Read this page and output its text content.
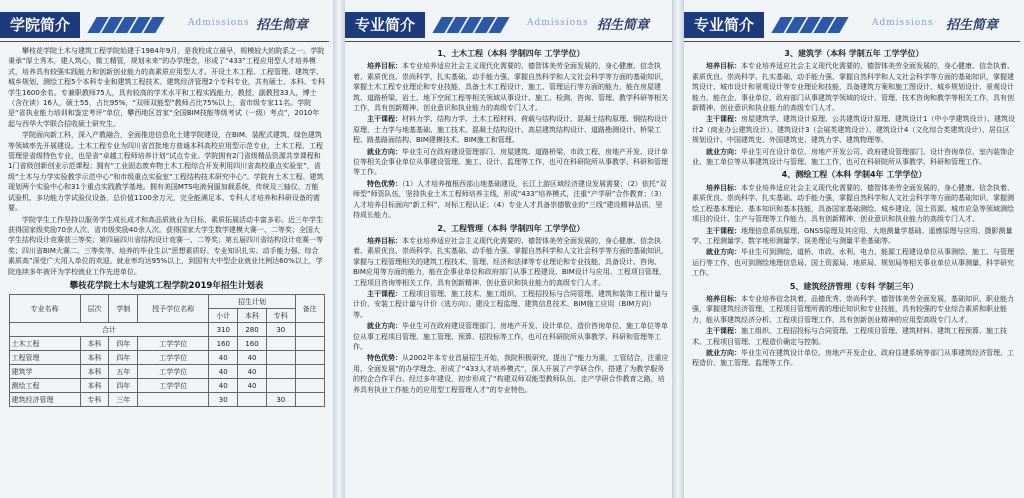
学院简介	Admissions 招生简章

攀枝花学院土木与建筑工程学院始建于1984年9月，是我校成立最早，规模较大的院系之一。学院秉承“厚土秀木，建人筑心，微工精管，规划未来”的办学理念，形成了“433”工程应用型人才培养模式，培养具有较强实践能力和创新创业能力的高素质应用型人才。开设土木工程、工程管理、建筑学、城乡规划、测绘工程5个本科专业和建筑工程技术、建筑经济管理2个专科专业，共有硕士、本科、专科学生1600余名。专兼职教师75人，具有较高的学术水平和工程实践能力，教授、副教授33人，博士（含在读）16人，硕士55，占比95%，“双师双能型”教师占比75%以上，省市级专家11名。学院是“省执业能力培训和鉴定考评”单位，攀西地区首家“全国BIM技能等级考试（一级）考点”，2010年起与西华大学联合招收硕士研究生。

学院面向新工科，深入产教融合，全面推进信息化土建学院建设，在BIM、装配式建筑、绿色建筑等领域率先开展建设。土木工程专业为四川省首批地方普通本科高校应用型示范专业，土木工程、工程管理是省级特色专业，也是省“卓越工程师培养计划”试点专业。学院拥有2门省级精品资源共享课程和1门省级创新创业示范课程；拥有“工业固态废弃物土木工程综合开发利用四川省高校重点实验室”，省级“土木与力学实验教学示范中心”和市级重点实验室“工程结构技术研究中心”。学院有土木工程、建筑现划两个实验中心和31个重点实践教学基地。拥有美国MTS电液伺服加载系统，传统及三轴仪、万能试验机、多功能力学试验仪设备，总价值1100余万元，完全能满足本、专科人才培养和科研设备的需要。

学院学生工作坚持以服务学生成长成才和高品质就业为目标，素质拓展活动丰富多彩。近三年学生获得国家级奖励70余人次、省市级奖励40余人次。获得国家大学生数学建模大赛一、二等奖；全国大学生结构设计竞赛获三等奖；第四届四川省结构设计竞赛一、二等奖；第五届四川省结构设计竞赛一等奖；四川省BIM大赛二、三等奖等。培养的毕业生以“思想素质好、专业知识扎实、动手能力强、综合素质高”深受广大用人单位的欢迎。就业率均达95%以上，到国有大中型企业就业比例达60%以上，学院连续多年被评为学校就业工作先进单位。

攀枝花学院土木与建筑工程学院2019年招生计划表
专业名称	层次	学制	授予学位名称	招生计划			备注
				小计	本科	专科	
合计				310	280	30	
土木工程	本科	四年	工学学位	160	160		
工程管理	本科	四年	工学学位	40	40		
建筑学	本科	五年	工学学位	40	40		
测绘工程	本科	四年	工学学位	40	40		
建筑经济管理	专科	三年		30		30	
专业简介	Admissions 招生简章
1、土木工程（本科 学制四年 工学学位）

培养目标：本专业培养适应社会主义现代化需要的、德智体美劳全面发展的，身心健康、信念执着、素质优良、崇尚科学，扎实基础、动手能力强、掌握自然科学和人文社会科学等方面的基础知识，掌握土木工程专业理论和专业技能，具备土木工程设计、施工、管理运行等方面的能力，能在房屋建筑、道路桥梁、岩土、地下空间工程等相关领域从事设计、施工、检测、咨询、管理、教学科研等相关工作，具有创新精神、创业意识和执业能力的高级专门人才。

主干课程：材料力学、结构力学、土木工程材料、荷载与结构设计、混凝土结构原理、钢结构设计原理、土力学与地基基础、施工技术、混凝土结构设计、高层建筑结构设计、道路勘测设计、桥梁工程、路基路面结构、BIM建模技术、BIM施工和管理。

就业方向：毕业生可在政府建设管理部门、房屋建筑、道路桥梁、市政工程、房地产开发、设计单位等相关企事业单位从事建设管理、施工、设计、监理等工作，也可在科研院所从事教学、科研和管理等工作。

特色优势：（1）人才培养植根西部山地基础建设，长江上游区域经济建设发展需要；（2）依托“双师型”师资队伍，坚持执业土木工程师培养主线，形成“433”培养模式，注重“产学研”合作教育；（3）人才培养目标面向“新工科”，对标工程认证；（4）专业人才具备崇德敬业的“三线”建设精神品质，坚持成长能力。

2、工程管理（本科 学制四年 工学学位）

培养目标：本专业培养适应社会主义现代化需要的、德智体美劳全面发展的，身心健康、信念执着、素质优良、崇尚科学、扎实基础、动手能力强、掌握自然科学和人文社会科学等方面的基础知识，掌握与工程管理相关的建筑工程技术、管理、经济和法律等专业理论和专业技能，具备设计、咨询、BIM应用等方面的能力，能在企事业单位和政府部门从事工程建设、BIM设计与应用、工程项目管理、工程项目咨询等相关工作，具有创新精神、创业意识和执业能力的高级专门人才。

主干课程：工程项目管理、施工技术、施工组织、工程招投标与合同管理、建筑和装饰工程计量与计价、安装工程计量与计价（选方向）、建设工程监理、建筑信息技术、BIM施工应用（BIM方向）等。

就业方向：毕业生可在政府建设管理部门、房地产开发、设计单位、造价咨询单位、施工单位等单位从事工程项目管理、施工管理、预算、招投标等工作，也可在科研院所从事教学、科研和管理等工作。

特色优势：从2002年本专业首届招生开始，我院积极研究，提出了“能力为重，工管结合，注重应用，全面发展”的办学理念，形成了“433人才培养模式”，深入开展了产学研合作，搭建了为教学服务的校企合作平台。经过多年建设，初步形成了“构建双师双能型教师队伍，走产学研合作教育之路，培养具有执业工作能力的应用型工程管理人才”的专业特色。

专业简介	Admissions 招生简章
3、建筑学（本科 学制五年 工学学位）

培养目标：本专业培养适应社会主义现代化需要的、德智体美劳全面发展的，身心健康、信念执着、素质优良、崇尚科学、扎实基础、动手能力强、掌握自然科学和人文社会科学等方面的基础知识，掌握建筑设计、城市设计和景观设计等专业理论和技能，具备建筑方案和施工图设计、城乡规划设计、景观设计能力，能在企、事业单位、政府部门从事建筑学领域的设计、管理、技术咨询和教学等相关工作，具有创新精神、创业意识和执业能力的高级专门人才。

主干课程：房屋建筑学、建筑设计原理、公共建筑设计原理、建筑设计1（中小学建筑设计）、建筑设计2（商业办公建筑设计）、建筑设计3（会展类建筑设计）、建筑设计4（文化综合类建筑设计）、居住区规划设计、中国建筑史、外国建筑史、建筑力学、建筑物理等。

就业方向：毕业生可在设计单位、房地产开发公司、政府建设管理部门、设计咨询单位、室内装饰企业、施工单位等从事建筑设计与管理、施工工作，也可在科研院所从事教学、科研和管理工作。

4、测绘工程（本科 学制4年 工学学位）

培养目标：本专业培养适应社会主义现代化需要的、德智体美劳全面发展的，身心健康、信念执着、素质优良、崇尚科学、扎实基础、动手能力强，掌握自然科学和人文社会科学等方面的基础知识，掌握测绘工程基本理论、基本知识和基本技能，具备国家基础测绘、城乡建设、国土资源、城市应急等领域测绘项目的设计、生产与管理等工作能力，具有创新精神、创业意识和执业能力的高级专门人才。

主干课程：地理信息系统原理、GNSS原理及其应用、大地测量学基础、遥感原理与应用、摄影测量学、工程测量学、数字地形测量学、误差理论与测量平差基础等。

就业方向：毕业生可到测绘、道桥、市政、水利、电力、能源工程建设单位从事测绘、施工、与管理运行等工作，也可到测绘地理信息局、国土资源局、地质局、规划局等相关事业单位从事测量、科学研究工作。

5、建筑经济管理（专科 学制三年）

培养目标：本专业培养信念执着、品德优秀、崇尚科学，德智体美劳全面发展，基础知识、职业能力强，掌握建筑经济管理、工程项目管理所需的理论知识和专业技能，具有较强的专业综合素质和职业能力，能从事建筑经济分析、工程项目管理工作，具有创新创业精神的应用型高级专门人才。

主干课程：施工组织、工程招投标与合同管理、工程项目管理、建筑材料、建筑工程预算、施工技术、工程项目管理、工程造价确定与控制。

就业方向：毕业生可在建筑设计单位、房地产开发企业、政府住建系统等部门从事建筑经济管理、工程造价、施工管理、监理等工作。
